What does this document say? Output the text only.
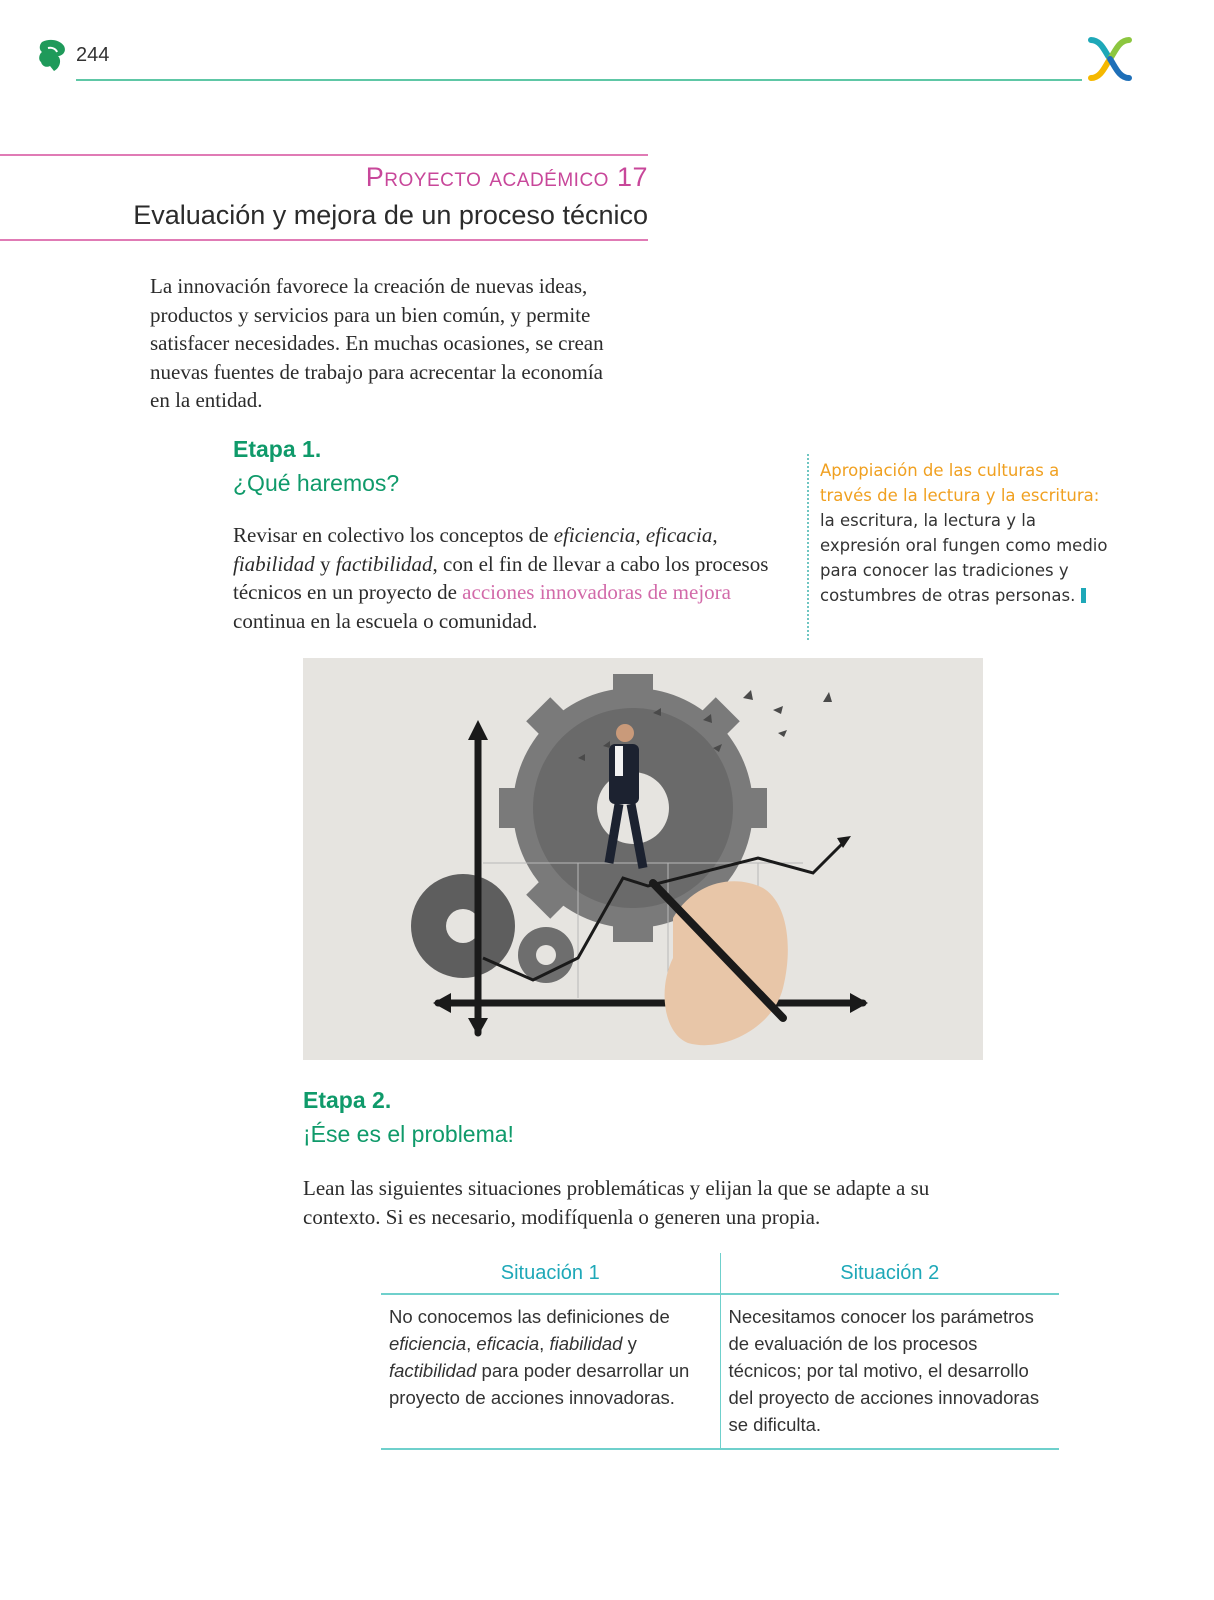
244
Proyecto académico 17
Evaluación y mejora de un proceso técnico
La innovación favorece la creación de nuevas ideas, productos y servicios para un bien común, y permite satisfacer necesidades. En muchas ocasiones, se crean nuevas fuentes de trabajo para acrecentar la economía en la entidad.
Etapa 1.
¿Qué haremos?
Revisar en colectivo los conceptos de eficiencia, eficacia, fiabilidad y factibilidad, con el fin de llevar a cabo los procesos técnicos en un proyecto de acciones innovadoras de mejora continua en la escuela o comunidad.
Apropiación de las culturas a través de la lectura y la escritura: la escritura, la lectura y la expresión oral fungen como medio para conocer las tradiciones y costumbres de otras personas.
Etapa 2.
¡Ése es el problema!
Lean las siguientes situaciones problemáticas y elijan la que se adapte a su contexto. Si es necesario, modifíquenla o generen una propia.
Situación 1	Situación 2
No conocemos las definiciones de eficiencia, eficacia, fiabilidad y factibilidad para poder desarrollar un proyecto de acciones innovadoras.	Necesitamos conocer los parámetros de evaluación de los procesos técnicos; por tal motivo, el desarrollo del proyecto de acciones innovadoras se dificulta.
